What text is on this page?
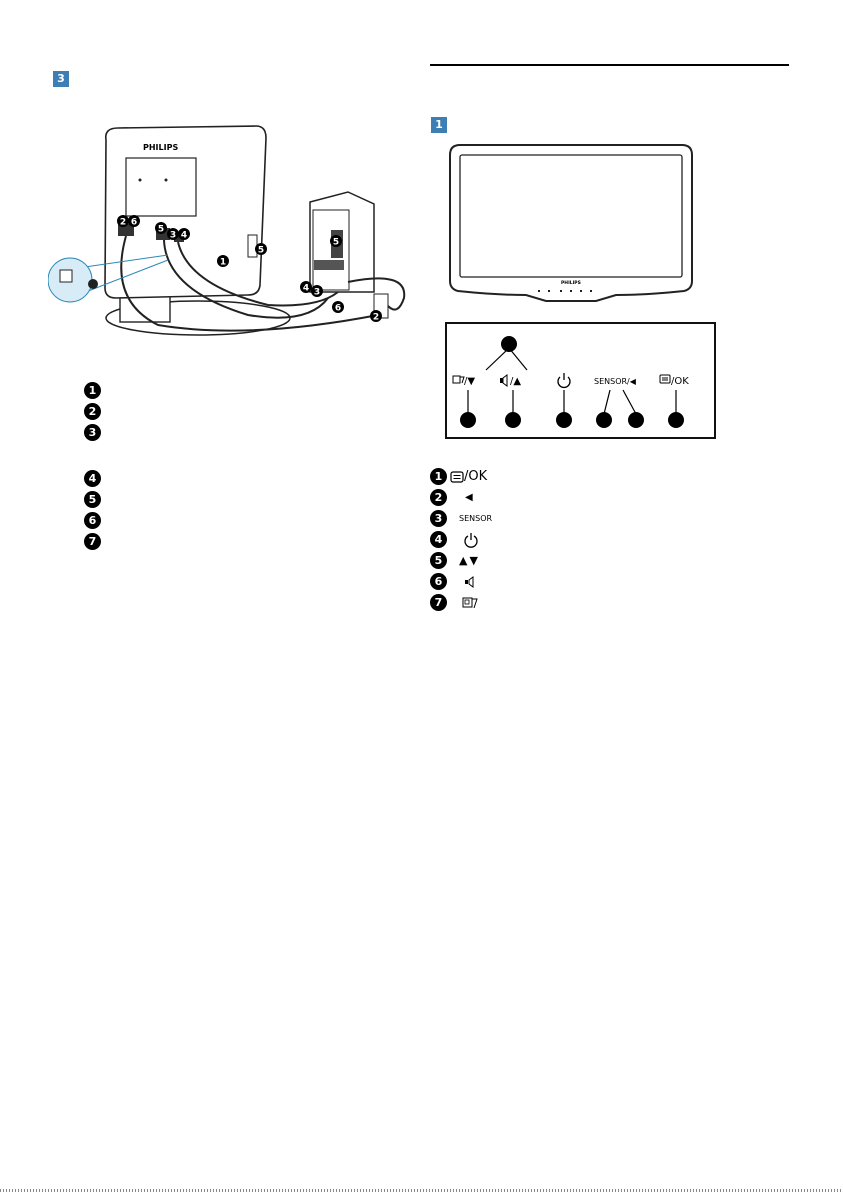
3
PHILIPS
1
2
2
3
3
4
4
5
5
5
6
6
1
2
3
4
5
6
7
1
PHILIPS
/▼	/▲	SENSOR/◀	/OK
1	/OK
2	◀
3	SENSOR
4
5	▲▼
6
7
